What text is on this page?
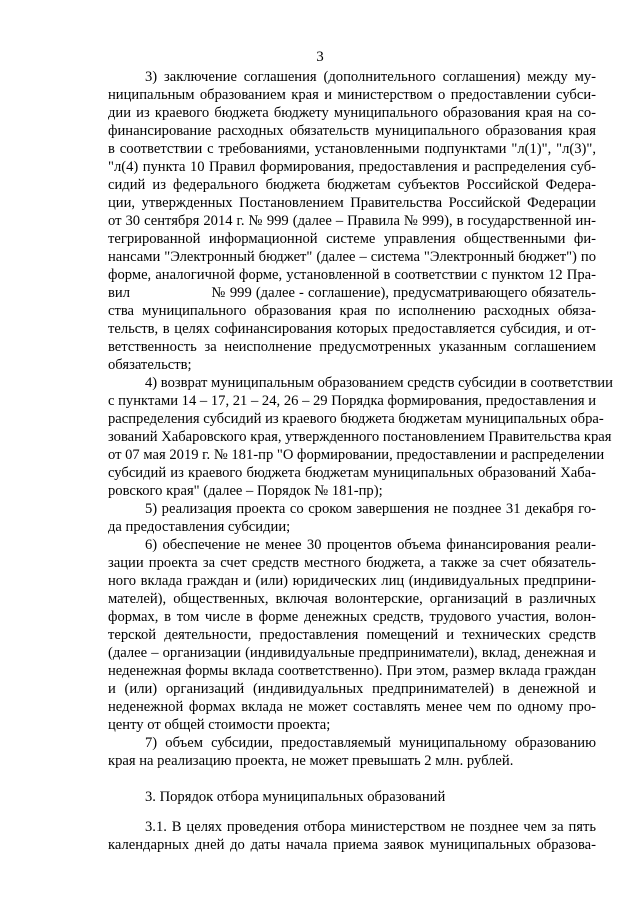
3
3) заключение соглашения (дополнительного соглашения) между му-
ниципальным образованием края и министерством о предоставлении субси-
дии из краевого бюджета бюджету муниципального образования края на со-
финансирование расходных обязательств муниципального образования края
в соответствии с требованиями, установленными подпунктами "л(1)", "л(3)",
"л(4) пункта 10 Правил формирования, предоставления и распределения суб-
сидий из федерального бюджета бюджетам субъектов Российской Федера-
ции, утвержденных Постановлением Правительства Российской Федерации
от 30 сентября 2014 г. № 999 (далее – Правила № 999), в государственной ин-
тегрированной информационной системе управления общественными фи-
нансами "Электронный бюджет" (далее – система "Электронный бюджет") по
форме, аналогичной форме, установленной в соответствии с пунктом 12 Пра-
вил                    № 999 (далее - соглашение), предусматривающего обязатель-
ства муниципального образования края по исполнению расходных обяза-
тельств, в целях софинансирования которых предоставляется субсидия, и от-
ветственность за неисполнение предусмотренных указанным соглашением
обязательств;
4) возврат муниципальным образованием средств субсидии в соответствии
с пунктами 14 – 17, 21 – 24, 26 – 29 Порядка формирования, предоставления и
распределения субсидий из краевого бюджета бюджетам муниципальных обра-
зований Хабаровского края, утвержденного постановлением Правительства края
от 07 мая 2019 г. № 181-пр "О формировании, предоставлении и распределении
субсидий из краевого бюджета бюджетам муниципальных образований Хаба-
ровского края" (далее – Порядок № 181-пр);
5) реализация проекта со сроком завершения не позднее 31 декабря го-
да предоставления субсидии;
6) обеспечение не менее 30 процентов объема финансирования реали-
зации проекта за счет средств местного бюджета, а также за счет обязатель-
ного вклада граждан и (или) юридических лиц (индивидуальных предприни-
мателей), общественных, включая волонтерские, организаций в различных
формах, в том числе в форме денежных средств, трудового участия, волон-
терской деятельности, предоставления помещений и технических средств
(далее – организации (индивидуальные предприниматели), вклад, денежная и
неденежная формы вклада соответственно). При этом, размер вклада граждан
и (или) организаций (индивидуальных предпринимателей) в денежной и
неденежной формах вклада не может составлять менее чем по одному про-
центу от общей стоимости проекта;
7) объем субсидии, предоставляемый муниципальному образованию
края на реализацию проекта, не может превышать 2 млн. рублей.
3. Порядок отбора муниципальных образований
3.1. В целях проведения отбора министерством не позднее чем за пять
календарных дней до даты начала приема заявок муниципальных образова-
